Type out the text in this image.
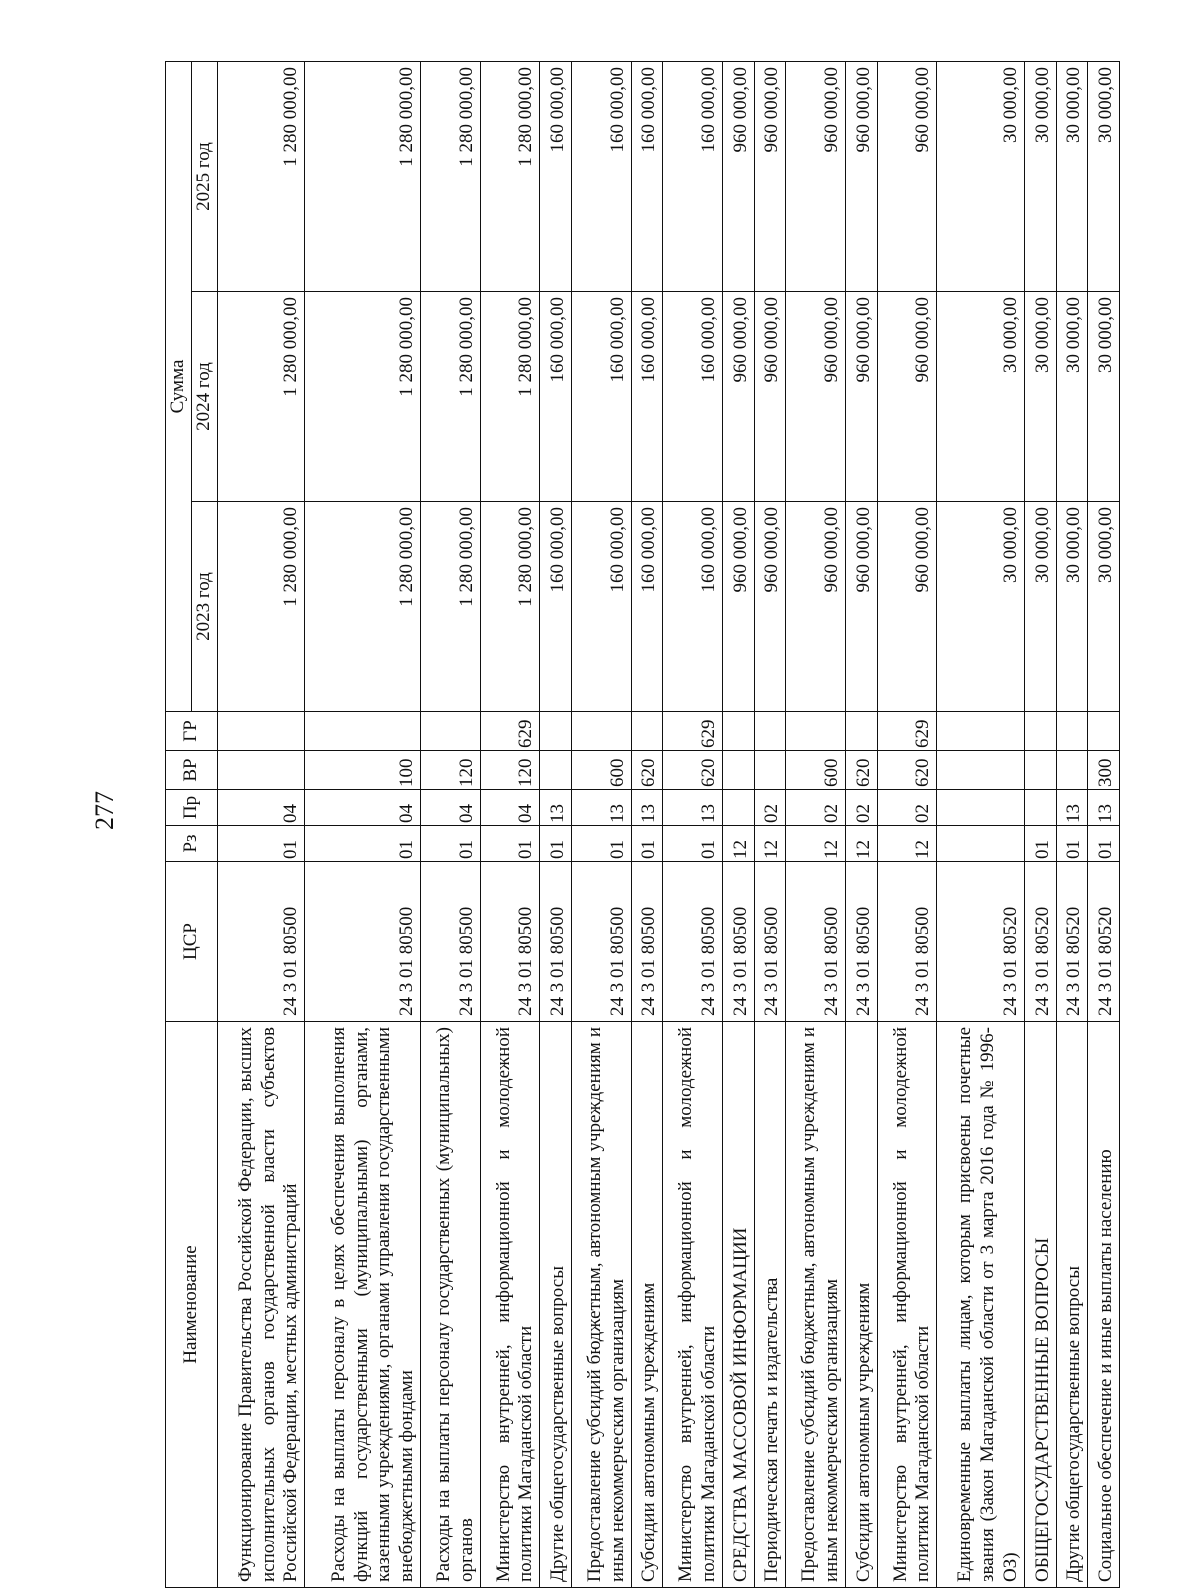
277
Наименование	ЦСР	Рз	Пр	ВР	ГР	Сумма		
						2023 год	2024 год	2025 год
Функционирование Правительства Российской Федерации, высших исполнительных органов государственной власти субъектов Российской Федерации, местных администраций	24 3 01 80500	01	04			1 280 000,00	1 280 000,00	1 280 000,00
Расходы на выплаты персоналу в целях обеспечения выполнения функций государственными (муниципальными) органами, казенными учреждениями, органами управления государственными внебюджетными фондами	24 3 01 80500	01	04	100		1 280 000,00	1 280 000,00	1 280 000,00
Расходы на выплаты персоналу государственных (муниципальных) органов	24 3 01 80500	01	04	120		1 280 000,00	1 280 000,00	1 280 000,00
Министерство внутренней, информационной и молодежной политики Магаданской области	24 3 01 80500	01	04	120	629	1 280 000,00	1 280 000,00	1 280 000,00
Другие общегосударственные вопросы	24 3 01 80500	01	13			160 000,00	160 000,00	160 000,00
Предоставление субсидий бюджетным, автономным учреждениям и иным некоммерческим организациям	24 3 01 80500	01	13	600		160 000,00	160 000,00	160 000,00
Субсидии автономным учреждениям	24 3 01 80500	01	13	620		160 000,00	160 000,00	160 000,00
Министерство внутренней, информационной и молодежной политики Магаданской области	24 3 01 80500	01	13	620	629	160 000,00	160 000,00	160 000,00
СРЕДСТВА МАССОВОЙ ИНФОРМАЦИИ	24 3 01 80500	12				960 000,00	960 000,00	960 000,00
Периодическая печать и издательства	24 3 01 80500	12	02			960 000,00	960 000,00	960 000,00
Предоставление субсидий бюджетным, автономным учреждениям и иным некоммерческим организациям	24 3 01 80500	12	02	600		960 000,00	960 000,00	960 000,00
Субсидии автономным учреждениям	24 3 01 80500	12	02	620		960 000,00	960 000,00	960 000,00
Министерство внутренней, информационной и молодежной политики Магаданской области	24 3 01 80500	12	02	620	629	960 000,00	960 000,00	960 000,00
Единовременные выплаты лицам, которым присвоены почетные звания (Закон Магаданской области от 3 марта 2016 года № 1996-ОЗ)	24 3 01 80520					30 000,00	30 000,00	30 000,00
ОБЩЕГОСУДАРСТВЕННЫЕ ВОПРОСЫ	24 3 01 80520	01				30 000,00	30 000,00	30 000,00
Другие общегосударственные вопросы	24 3 01 80520	01	13			30 000,00	30 000,00	30 000,00
Социальное обеспечение и иные выплаты населению	24 3 01 80520	01	13	300		30 000,00	30 000,00	30 000,00
